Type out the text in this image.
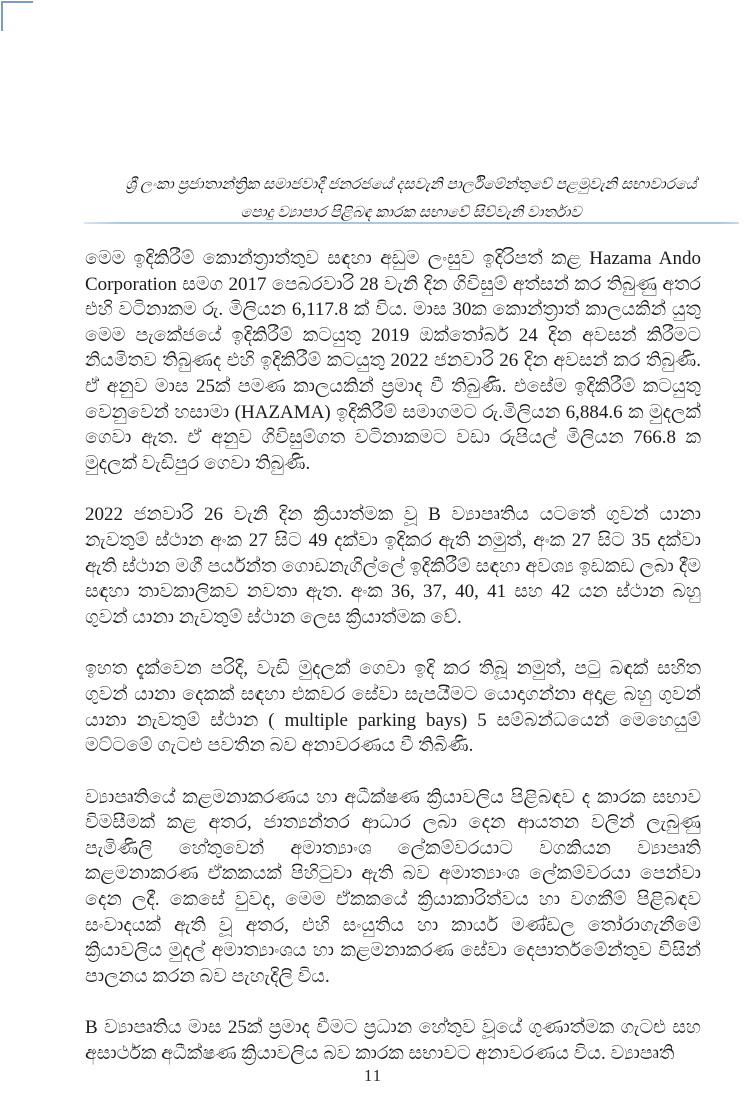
ශ්‍රී ලංකා ප්‍රජාතාන්ත්‍රික සමාජවාදී ජනරජයේ දසවැනි පාර්ලිමේන්තුවේ පළමුවැනි සභාවාරයේ
පොදු ව්‍යාපාර පිළිබඳ කාරක සභාවේ සිව්වැනි වාර්තාව

මෙම ඉදිකිරීම් කොන්ත්‍රාත්තුව සඳහා අඩුම ලංසුව ඉදිරිපත් කළ Hazama Ando Corporation සමග 2017 පෙබරවාරි 28 වැනි දින ගිවිසුම් අත්සන් කර තිබුණු අතර එහි වටිනාකම රු. මිලියන 6,117.8 ක් විය. මාස 30ක කොන්ත්‍රාත් කාලයකින් යුතු මෙම පැකේජයේ ඉදිකිරීම් කටයුතු 2019 ඔක්තෝබර් 24 දින අවසන් කිරීමට නියමිතව තිබුණද එහි ඉදිකිරීම් කටයුතු 2022 ජනවාරි 26 දින අවසන් කර තිබුණි. ඒ අනුව මාස 25ක් පමණ කාලයකින් ප්‍රමාද වී තිබුණි. එසේම ඉදිකිරීම් කටයුතු වෙනුවෙන් හසාමා (HAZAMA) ඉදිකිරීම් සමාගමට රු.මිලියන 6,884.6 ක මුදලක් ගෙවා ඇත. ඒ අනුව ගිවිසුම්ගත වටිනාකමට වඩා රුපියල් මිලියන 766.8 ක මුදලක් වැඩිපුර ගෙවා තිබුණි.

2022 ජනවාරි 26 වැනි දින ක්‍රියාත්මක වූ B ව්‍යාපෘතිය යටතේ ගුවන් යානා නැවතුම් ස්ථාන අංක 27 සිට 49 දක්වා ඉදිකර ඇති නමුත්, අංක 27 සිට 35 දක්වා ඇති ස්ථාන මගී පර්යන්ත ගොඩනැගිල්ලේ ඉදිකිරීම් සඳහා අවශ්‍ය ඉඩකඩ ලබා දීම සඳහා තාවකාලිකව නවතා ඇත. අංක 36, 37, 40, 41 සහ 42 යන ස්ථාන බහු ගුවන් යානා නැවතුම් ස්ථාන ලෙස ක්‍රියාත්මක වේ.

ඉහත දැක්වෙන පරිදි, වැඩි මුදලක් ගෙවා ඉදි කර තිබූ නමුත්, පටු බඳක් සහිත ගුවන් යානා දෙකක් සඳහා එකවර සේවා සැපයීමට යොදාගන්නා අදාළ බහු ගුවන් යානා නැවතුම් ස්ථාන ( multiple parking bays) 5 සම්බන්ධයෙන් මෙහෙයුම් මට්ටමේ ගැටළු පවතින බව අනාවරණය වී තිබිණි.

ව්‍යාපෘතියේ කළමනාකරණය හා අධීක්ෂණ ක්‍රියාවලිය පිළිබඳව ද කාරක සභාව විමසීමක් කළ අතර, ජාත්‍යන්තර ආධාර ලබා දෙන ආයතන වලින් ලැබුණු පැමිණිලි හේතුවෙන් අමාත්‍යාංශ ලේකම්වරයාට වගකියන ව්‍යාපෘති කළමනාකරණ ඒකකයක් පිහිටුවා ඇති බව අමාත්‍යාංශ ලේකම්වරයා පෙන්වා දෙන ලදී. කෙසේ වුවද, මෙම ඒකකයේ ක්‍රියාකාරිත්වය හා වගකීම් පිළිබඳව සංවාදයක් ඇති වූ අතර, එහි සංයුතිය හා කාර්ය මණ්ඩල තෝරාගැනීමේ ක්‍රියාවලිය මුදල් අමාත්‍යාංශය හා කළමනාකරණ සේවා දෙපාර්තමේන්තුව විසින් පාලනය කරන බව පැහැදිලි විය.

B ව්‍යාපෘතිය මාස 25ක් ප්‍රමාද වීමට ප්‍රධාන හේතුව වූයේ ගුණාත්මක ගැටළු සහ අසාර්ථක අධීක්ෂණ ක්‍රියාවලිය බව කාරක සභාවට අනාවරණය විය. ව්‍යාපෘති

11
